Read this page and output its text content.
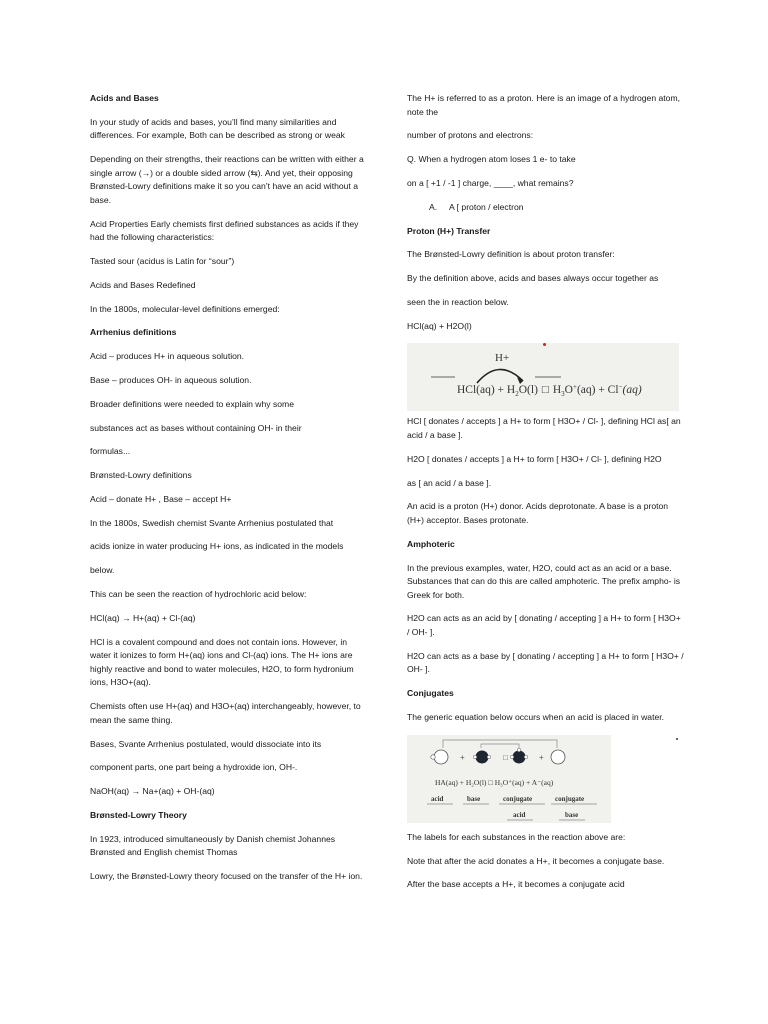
Acids and Bases

In your study of acids and bases, you’ll find many similarities and differences. For example, Both can be described as strong or weak

Depending on their strengths, their reactions can be written with either a single arrow (→) or a double sided arrow (⇆). And yet, their opposing Brønsted-Lowry definitions make it so you can’t have an acid without a base.

Acid Properties Early chemists first defined substances as acids if they had the following characteristics:

Tasted sour (acidus is Latin for “sour”)

Acids and Bases Redefined

In the 1800s, molecular-level definitions emerged:

Arrhenius definitions

Acid – produces H+ in aqueous solution.

Base – produces OH- in aqueous solution.

Broader definitions were needed to explain why some

substances act as bases without containing OH- in their

formulas...

Brønsted-Lowry definitions

Acid – donate H+ , Base – accept H+

In the 1800s, Swedish chemist Svante Arrhenius postulated that

acids ionize in water producing H+ ions, as indicated in the models

below.

This can be seen the reaction of hydrochloric acid below:

HCl(aq) → H+(aq) + Cl-(aq)

HCl is a covalent compound and does not contain ions. However, in water it ionizes to form H+(aq) ions and Cl-(aq) ions. The H+ ions are highly reactive and bond to water molecules, H2O, to form hydronium ions, H3O+(aq).

Chemists often use H+(aq) and H3O+(aq) interchangeably, however, to mean the same thing.

Bases, Svante Arrhenius postulated, would dissociate into its

component parts, one part being a hydroxide ion, OH-.

NaOH(aq) → Na+(aq) + OH-(aq)

Brønsted-Lowry Theory

In 1923, introduced simultaneously by Danish chemist Johannes Brønsted and English chemist Thomas

Lowry, the Brønsted-Lowry theory focused on the transfer of the H+ ion.

The H+ is referred to as a proton. Here is an image of a hydrogen atom, note the

number of protons and electrons:

Q. When a hydrogen atom loses 1 e- to take

on a [ +1 / -1 ] charge, ____, what remains?

A. A [ proton / electron

Proton (H+) Transfer

The Brønsted-Lowry definition is about proton transfer:

By the definition above, acids and bases always occur together as

seen the in reaction below.

HCl(aq) + H2O(l)

H+
$HCl(aq) + H_2O(l)$ □ $H_3O^+(aq) + Cl^-(aq)$

HCl [ donates / accepts ] a H+ to form [ H3O+ / Cl- ], defining HCl as[ an acid / a base ].

H2O [ donates / accepts ] a H+ to form [ H3O+ / Cl- ], defining H2O

as [ an acid / a base ].

An acid is a proton (H+) donor. Acids deprotonate. A base is a proton (H+) acceptor. Bases protonate.

Amphoteric

In the previous examples, water, H2O, could act as an acid or a base. Substances that can do this are called amphoteric. The prefix ampho- is Greek for both.

H2O can acts as an acid by [ donating / accepting ] a H+ to form [ H3O+ / OH- ].

H2O can acts as a base by [ donating / accepting ] a H+ to form [ H3O+ / OH- ].

Conjugates

The generic equation below occurs when an acid is placed in water.

+	□	+
HA(aq) + H₂O(l) □ H₃O⁺(aq) + A⁻(aq)
acid	base	conjugate	conjugate
acid	base

The labels for each substances in the reaction above are:

Note that after the acid donates a H+, it becomes a conjugate base.

After the base accepts a H+, it becomes a conjugate acid
